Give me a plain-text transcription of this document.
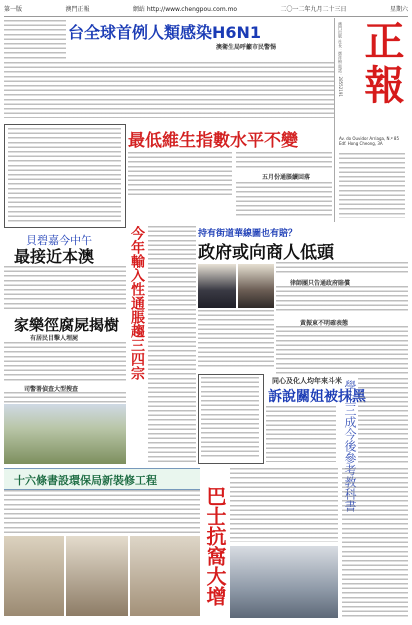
第一版	澳門正報	網站 http://www.chengpou.com.mo	二〇一二年九月二十三日	星期六
台全球首例人類感染H6N1
澳衛生局呼籲市民警惕 正報
澳門出版 社長：鄧祥楨 電話：28552191
Av. do Ouvidor Arriaga, N.º 85 Edf. Hong Cheong, 3A
最低維生指數水平不變
五月份通脹續回落
貝碧嘉今中午
最接近本澳
家樂徑腐屍揭樹
有居民目擊人埋屍
司警署偵查大型搜查
今年輸入性通脹趨三四宗	持有街道華線圖也有賠？
政府或向商人低頭
律師團只告通政府賠償
黃振東不明確表態
同心及化人均年來斗米
訴說關姐被抹黑
學生三成今後參考教科書
十六條書設環保局新裝修工程
巴士抗窩大增
